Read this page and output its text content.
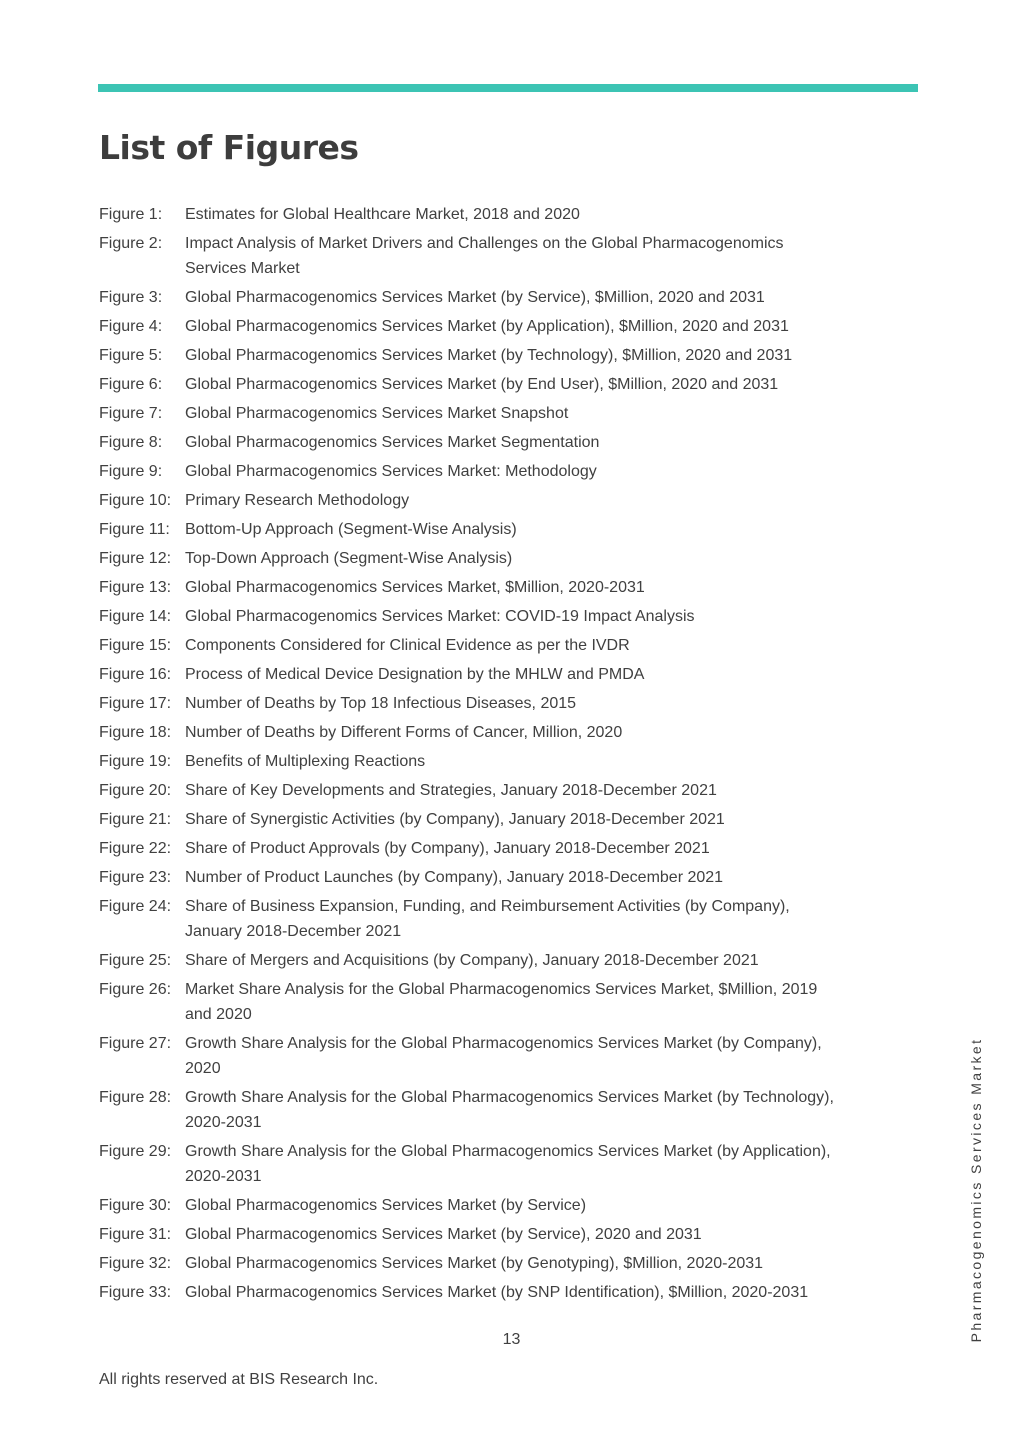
List of Figures
Figure 1:	Estimates for Global Healthcare Market, 2018 and 2020
Figure 2:	Impact Analysis of Market Drivers and Challenges on the Global Pharmacogenomics
Services Market
Figure 3:	Global Pharmacogenomics Services Market (by Service), $Million, 2020 and 2031
Figure 4:	Global Pharmacogenomics Services Market (by Application), $Million, 2020 and 2031
Figure 5:	Global Pharmacogenomics Services Market (by Technology), $Million, 2020 and 2031
Figure 6:	Global Pharmacogenomics Services Market (by End User), $Million, 2020 and 2031
Figure 7:	Global Pharmacogenomics Services Market Snapshot
Figure 8:	Global Pharmacogenomics Services Market Segmentation
Figure 9:	Global Pharmacogenomics Services Market: Methodology
Figure 10: Primary Research Methodology
Figure 11: Bottom-Up Approach (Segment-Wise Analysis)
Figure 12: Top-Down Approach (Segment-Wise Analysis)
Figure 13: Global Pharmacogenomics Services Market, $Million, 2020-2031
Figure 14: Global Pharmacogenomics Services Market: COVID-19 Impact Analysis
Figure 15: Components Considered for Clinical Evidence as per the IVDR
Figure 16: Process of Medical Device Designation by the MHLW and PMDA
Figure 17: Number of Deaths by Top 18 Infectious Diseases, 2015
Figure 18: Number of Deaths by Different Forms of Cancer, Million, 2020
Figure 19: Benefits of Multiplexing Reactions
Figure 20: Share of Key Developments and Strategies, January 2018-December 2021
Figure 21: Share of Synergistic Activities (by Company), January 2018-December 2021
Figure 22: Share of Product Approvals (by Company), January 2018-December 2021
Figure 23: Number of Product Launches (by Company), January 2018-December 2021
Figure 24: Share of Business Expansion, Funding, and Reimbursement Activities (by Company),
January 2018-December 2021
Figure 25: Share of Mergers and Acquisitions (by Company), January 2018-December 2021
Figure 26: Market Share Analysis for the Global Pharmacogenomics Services Market, $Million, 2019
and 2020
Figure 27: Growth Share Analysis for the Global Pharmacogenomics Services Market (by Company),
2020
Figure 28: Growth Share Analysis for the Global Pharmacogenomics Services Market (by Technology),
2020-2031
Figure 29: Growth Share Analysis for the Global Pharmacogenomics Services Market (by Application),
2020-2031
Figure 30: Global Pharmacogenomics Services Market (by Service)
Figure 31: Global Pharmacogenomics Services Market (by Service), 2020 and 2031
Figure 32: Global Pharmacogenomics Services Market (by Genotyping), $Million, 2020-2031
Figure 33: Global Pharmacogenomics Services Market (by SNP Identification), $Million, 2020-2031
13
All rights reserved at BIS Research Inc.
Pharmacogenomics Services Market
